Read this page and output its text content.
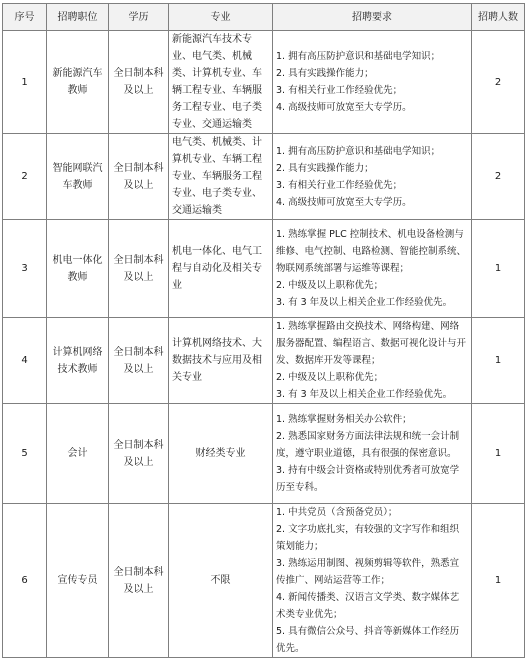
序号	招聘职位	学历	专业	招聘要求	招聘人数
1	新能源汽车教师	全日制本科及以上	新能源汽车技术专业、电气类、机械类、计算机专业、车辆工程专业、车辆服务工程专业、电子类专业、交通运输类	1. 拥有高压防护意识和基础电学知识；
2. 具有实践操作能力；
3. 有相关行业工作经验优先；
4. 高级技师可放宽至大专学历。	2
2	智能网联汽车教师	全日制本科及以上	电气类、机械类、计算机专业、车辆工程专业、车辆服务工程专业、电子类专业、交通运输类	1. 拥有高压防护意识和基础电学知识；
2. 具有实践操作能力；
3. 有相关行业工作经验优先；
4. 高级技师可放宽至大专学历。	2
3	机电一体化教师	全日制本科及以上	机电一体化、电气工程与自动化及相关专业	1. 熟练掌握 PLC 控制技术、机电设备检测与维修、电气控制、电路检测、智能控制系统、物联网系统部署与运维等课程；
2. 中级及以上职称优先；
3. 有 3 年及以上相关企业工作经验优先。	1
4	计算机网络技术教师	全日制本科及以上	计算机网络技术、大数据技术与应用及相关专业	1. 熟练掌握路由交换技术、网络构建、网络服务器配置、编程语言、数据可视化设计与开发、数据库开发等课程；
2. 中级及以上职称优先；
3. 有 3 年及以上相关企业工作经验优先。	1
5	会计	全日制本科及以上	财经类专业	1. 熟练掌握财务相关办公软件；
2. 熟悉国家财务方面法律法规和统一会计制度，遵守职业道德，具有很强的保密意识。
3. 持有中级会计资格或特别优秀者可放宽学历至专科。	1
6	宣传专员	全日制本科及以上	不限	1. 中共党员（含预备党员）；
2. 文字功底扎实，有较强的文字写作和组织策划能力；
3. 熟练运用制图、视频剪辑等软件，熟悉宣传推广、网站运营等工作；
4. 新闻传播类、汉语言文学类、数字媒体艺术类专业优先；
5. 具有微信公众号、抖音等新媒体工作经历优先。	1
